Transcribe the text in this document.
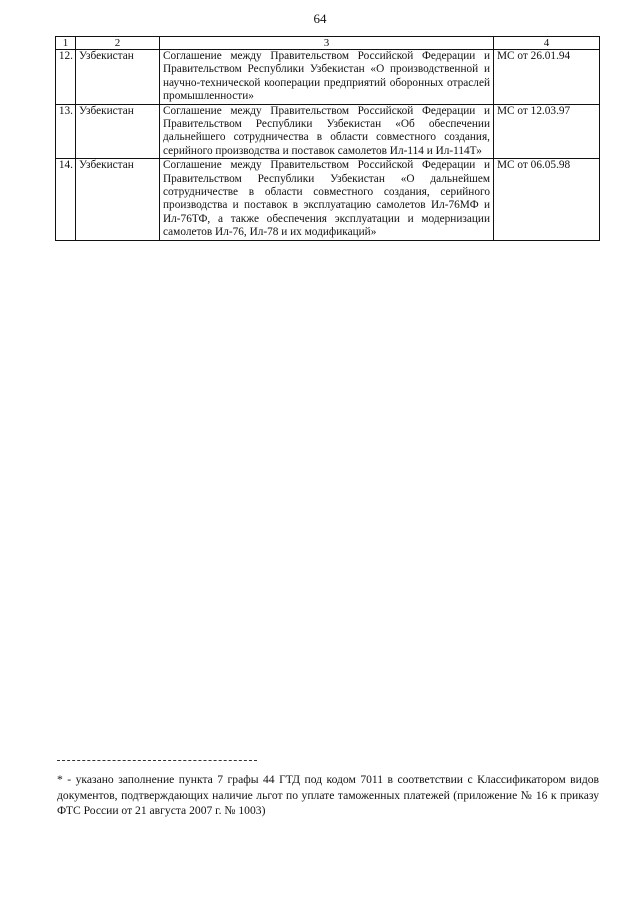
64
1	2	3	4
12.	Узбекистан	Соглашение между Правительством Российской Федерации и Правительством Республики Узбекистан «О производственной и научно-технической кооперации предприятий оборонных отраслей промышленности»	МС от 26.01.94
13.	Узбекистан	Соглашение между Правительством Российской Федерации и Правительством Республики Узбекистан «Об обеспечении дальнейшего сотрудничества в области совместного создания, серийного производства и поставок самолетов Ил-114 и Ил-114Т»	МС от 12.03.97
14.	Узбекистан	Соглашение между Правительством Российской Федерации и Правительством Республики Узбекистан «О дальнейшем сотрудничестве в области совместного создания, серийного производства и поставок в эксплуатацию самолетов Ил-76МФ и Ил-76ТФ, а также обеспечения эксплуатации и модернизации самолетов Ил-76, Ил-78 и их модификаций»	МС от 06.05.98
* - указано заполнение пункта 7 графы 44 ГТД под кодом 7011 в соответствии с Классификатором видов документов, подтверждающих наличие льгот по уплате таможенных платежей (приложение № 16 к приказу ФТС России от 21 августа 2007 г. № 1003)
